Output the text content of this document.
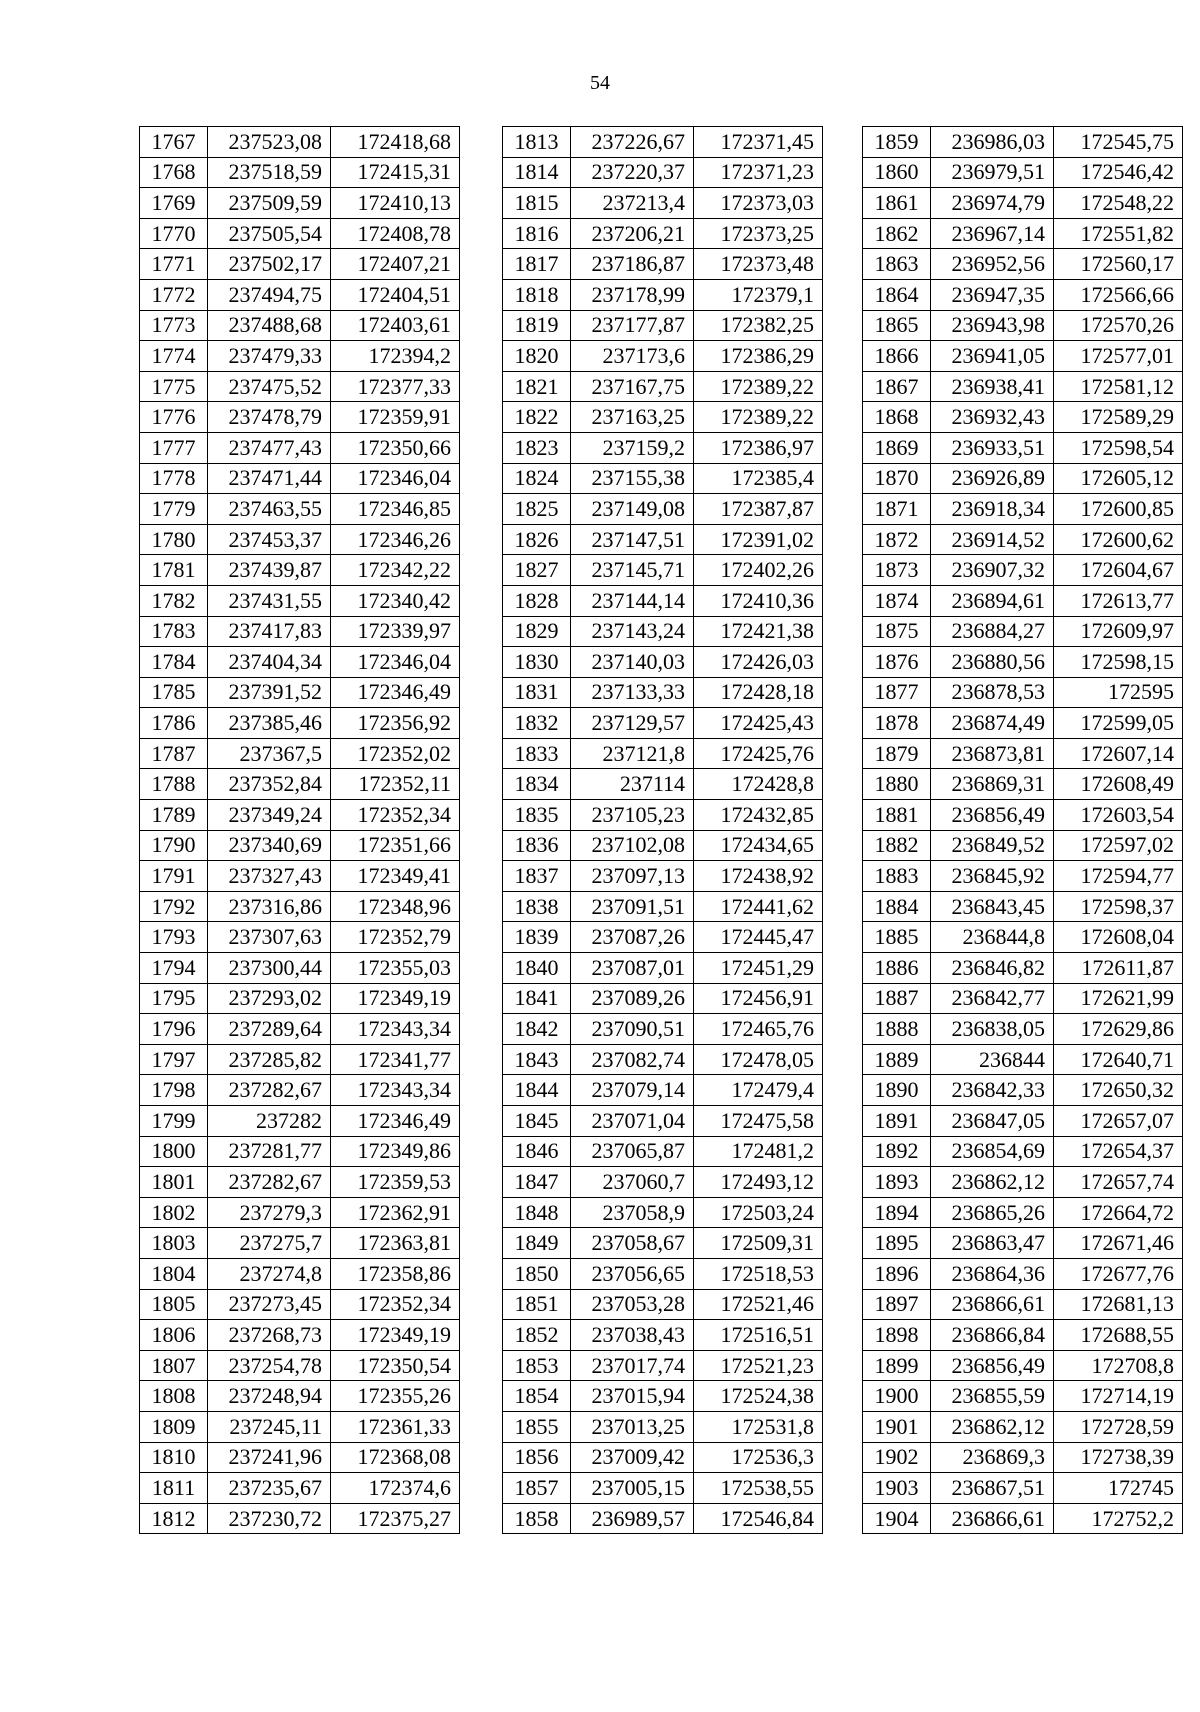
54
1767	237523,08	172418,68
1768	237518,59	172415,31
1769	237509,59	172410,13
1770	237505,54	172408,78
1771	237502,17	172407,21
1772	237494,75	172404,51
1773	237488,68	172403,61
1774	237479,33	172394,2
1775	237475,52	172377,33
1776	237478,79	172359,91
1777	237477,43	172350,66
1778	237471,44	172346,04
1779	237463,55	172346,85
1780	237453,37	172346,26
1781	237439,87	172342,22
1782	237431,55	172340,42
1783	237417,83	172339,97
1784	237404,34	172346,04
1785	237391,52	172346,49
1786	237385,46	172356,92
1787	237367,5	172352,02
1788	237352,84	172352,11
1789	237349,24	172352,34
1790	237340,69	172351,66
1791	237327,43	172349,41
1792	237316,86	172348,96
1793	237307,63	172352,79
1794	237300,44	172355,03
1795	237293,02	172349,19
1796	237289,64	172343,34
1797	237285,82	172341,77
1798	237282,67	172343,34
1799	237282	172346,49
1800	237281,77	172349,86
1801	237282,67	172359,53
1802	237279,3	172362,91
1803	237275,7	172363,81
1804	237274,8	172358,86
1805	237273,45	172352,34
1806	237268,73	172349,19
1807	237254,78	172350,54
1808	237248,94	172355,26
1809	237245,11	172361,33
1810	237241,96	172368,08
1811	237235,67	172374,6
1812	237230,72	172375,27
1813	237226,67	172371,45
1814	237220,37	172371,23
1815	237213,4	172373,03
1816	237206,21	172373,25
1817	237186,87	172373,48
1818	237178,99	172379,1
1819	237177,87	172382,25
1820	237173,6	172386,29
1821	237167,75	172389,22
1822	237163,25	172389,22
1823	237159,2	172386,97
1824	237155,38	172385,4
1825	237149,08	172387,87
1826	237147,51	172391,02
1827	237145,71	172402,26
1828	237144,14	172410,36
1829	237143,24	172421,38
1830	237140,03	172426,03
1831	237133,33	172428,18
1832	237129,57	172425,43
1833	237121,8	172425,76
1834	237114	172428,8
1835	237105,23	172432,85
1836	237102,08	172434,65
1837	237097,13	172438,92
1838	237091,51	172441,62
1839	237087,26	172445,47
1840	237087,01	172451,29
1841	237089,26	172456,91
1842	237090,51	172465,76
1843	237082,74	172478,05
1844	237079,14	172479,4
1845	237071,04	172475,58
1846	237065,87	172481,2
1847	237060,7	172493,12
1848	237058,9	172503,24
1849	237058,67	172509,31
1850	237056,65	172518,53
1851	237053,28	172521,46
1852	237038,43	172516,51
1853	237017,74	172521,23
1854	237015,94	172524,38
1855	237013,25	172531,8
1856	237009,42	172536,3
1857	237005,15	172538,55
1858	236989,57	172546,84
1859	236986,03	172545,75
1860	236979,51	172546,42
1861	236974,79	172548,22
1862	236967,14	172551,82
1863	236952,56	172560,17
1864	236947,35	172566,66
1865	236943,98	172570,26
1866	236941,05	172577,01
1867	236938,41	172581,12
1868	236932,43	172589,29
1869	236933,51	172598,54
1870	236926,89	172605,12
1871	236918,34	172600,85
1872	236914,52	172600,62
1873	236907,32	172604,67
1874	236894,61	172613,77
1875	236884,27	172609,97
1876	236880,56	172598,15
1877	236878,53	172595
1878	236874,49	172599,05
1879	236873,81	172607,14
1880	236869,31	172608,49
1881	236856,49	172603,54
1882	236849,52	172597,02
1883	236845,92	172594,77
1884	236843,45	172598,37
1885	236844,8	172608,04
1886	236846,82	172611,87
1887	236842,77	172621,99
1888	236838,05	172629,86
1889	236844	172640,71
1890	236842,33	172650,32
1891	236847,05	172657,07
1892	236854,69	172654,37
1893	236862,12	172657,74
1894	236865,26	172664,72
1895	236863,47	172671,46
1896	236864,36	172677,76
1897	236866,61	172681,13
1898	236866,84	172688,55
1899	236856,49	172708,8
1900	236855,59	172714,19
1901	236862,12	172728,59
1902	236869,3	172738,39
1903	236867,51	172745
1904	236866,61	172752,2
